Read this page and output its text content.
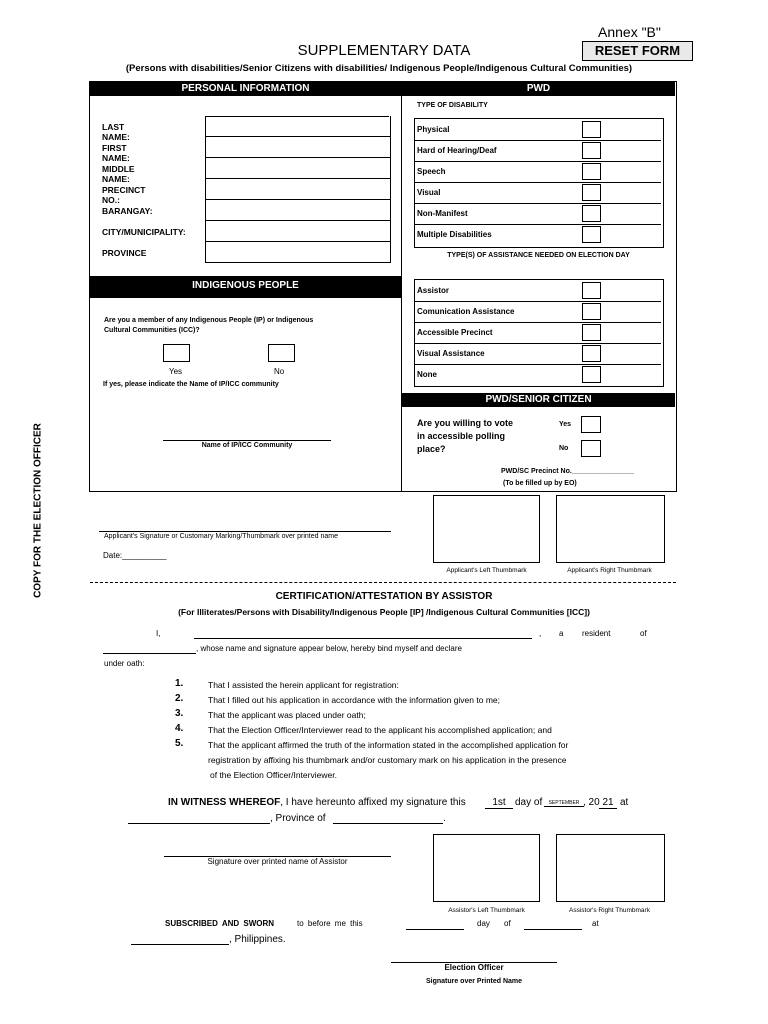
Annex "B"
RESET FORM
SUPPLEMENTARY DATA
(Persons with disabilities/Senior Citizens with disabilities/ Indigenous People/Indigenous Cultural Communities)
COPY FOR THE ELECTION OFFICER
PERSONAL INFORMATION
LAST NAME:
FIRST NAME:
MIDDLE NAME:
PRECINCT NO.:
BARANGAY:
CITY/MUNICIPALITY:
PROVINCE
INDIGENOUS PEOPLE
Are you a member of any Indigenous People (IP) or Indigenous Cultural Communities (ICC)?
Yes	No
If yes, please indicate the Name of IP/ICC community
Name of IP/ICC Community
PWD
TYPE OF DISABILITY
Physical
Hard of Hearing/Deaf
Speech
Visual
Non-Manifest
Multiple Disabilities
TYPE(S) OF ASSISTANCE NEEDED ON ELECTION DAY
Assistor
Comunication Assistance
Accessible Precinct
Visual Assistance
None
PWD/SENIOR CITIZEN
Are you willing to vote in accessible polling place?
Yes
No
PWD/SC Precinct No.________________
(To be filled up by EO)
Applicant's Signature or Customary Marking/Thumbmark over printed name
Date:__________
Applicant's Left Thumbmark	Applicant's Right Thumbmark
CERTIFICATION/ATTESTATION BY ASSISTOR
(For Illiterates/Persons with Disability/Indigenous People [IP] /Indigenous Cultural Communities [ICC])
I,	, a resident	of
, whose name and signature appear below, hereby bind myself and declare
under oath:
1.	That I assisted the herein applicant for registration:
2.	That I filled out his application in accordance with the information given to me;
3.	That the applicant was placed under oath;
4.	That the Election Officer/Interviewer read to the applicant his accomplished application; and
5.	That the applicant affirmed the truth of the information stated in the accomplished application for
registration by affixing his thumbmark and/or customary mark on his application in the presence
of the Election Officer/Interviewer.
IN WITNESS WHEREOF, I have hereunto affixed my signature this	1st day of	SEPTEMBER , 20 21 at
, Province of	.
Signature over printed name of Assistor
Assistor's Left Thumbmark	Assistor's Right Thumbmark
SUBSCRIBED AND SWORN	to before me this	day of	at
, Philippines.
Election Officer
Signature over Printed Name
